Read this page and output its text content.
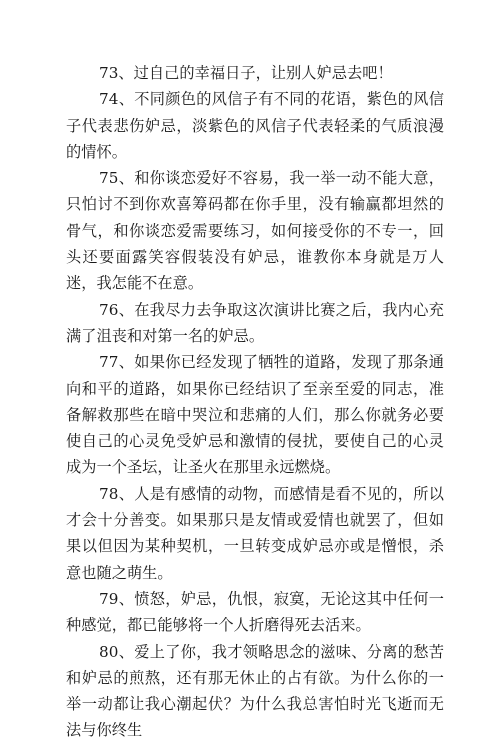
73、过自己的幸福日子，让别人妒忌去吧！

74、不同颜色的风信子有不同的花语，紫色的风信子代表悲伤妒忌，淡紫色的风信子代表轻柔的气质浪漫的情怀。

75、和你谈恋爱好不容易，我一举一动不能大意，只怕讨不到你欢喜筹码都在你手里，没有输赢都坦然的骨气，和你谈恋爱需要练习，如何接受你的不专一，回头还要面露笑容假装没有妒忌，谁教你本身就是万人迷，我怎能不在意。

76、在我尽力去争取这次演讲比赛之后，我内心充满了沮丧和对第一名的妒忌。

77、如果你已经发现了牺牲的道路，发现了那条通向和平的道路，如果你已经结识了至亲至爱的同志，准备解救那些在暗中哭泣和悲痛的人们，那么你就务必要使自己的心灵免受妒忌和激情的侵扰，要使自己的心灵成为一个圣坛，让圣火在那里永远燃烧。

78、人是有感情的动物，而感情是看不见的，所以才会十分善变。如果那只是友情或爱情也就罢了，但如果以但因为某种契机，一旦转变成妒忌亦或是憎恨，杀意也随之萌生。

79、愤怒，妒忌，仇恨，寂寞，无论这其中任何一种感觉，都已能够将一个人折磨得死去活来。

80、爱上了你，我才领略思念的滋味、分离的愁苦和妒忌的煎熬，还有那无休止的占有欲。为什么你的一举一动都让我心潮起伏？为什么我总害怕时光飞逝而无法与你终生
